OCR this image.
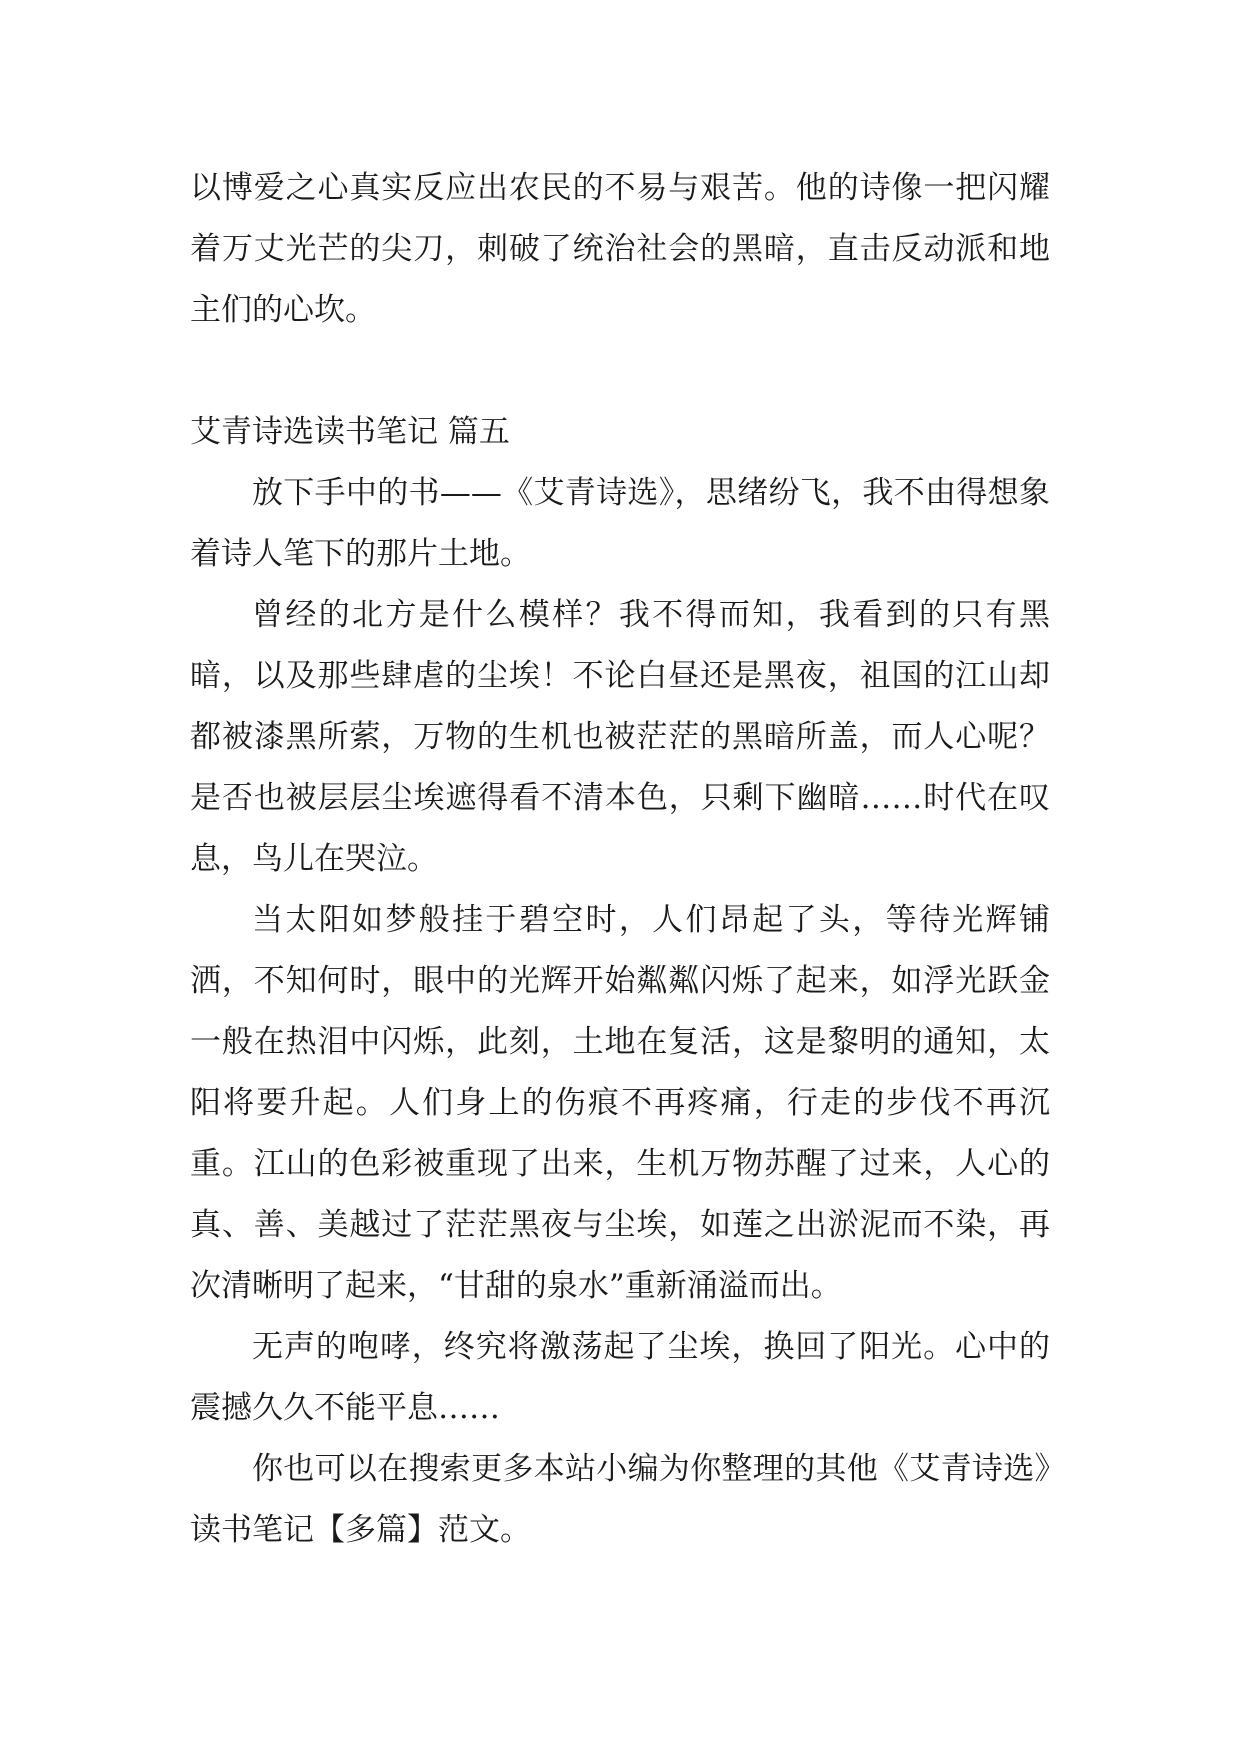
以博爱之心真实反应出农民的不易与艰苦。他的诗像一把闪耀着万丈光芒的尖刀，刺破了统治社会的黑暗，直击反动派和地主们的心坎。

艾青诗选读书笔记 篇五

放下手中的书——《艾青诗选》，思绪纷飞，我不由得想象着诗人笔下的那片土地。

曾经的北方是什么模样？我不得而知，我看到的只有黑暗，以及那些肆虐的尘埃！不论白昼还是黑夜，祖国的江山却都被漆黑所萦，万物的生机也被茫茫的黑暗所盖，而人心呢？是否也被层层尘埃遮得看不清本色，只剩下幽暗……时代在叹息，鸟儿在哭泣。

当太阳如梦般挂于碧空时，人们昂起了头，等待光辉铺洒，不知何时，眼中的光辉开始粼粼闪烁了起来，如浮光跃金一般在热泪中闪烁，此刻，土地在复活，这是黎明的通知，太阳将要升起。人们身上的伤痕不再疼痛，行走的步伐不再沉重。江山的色彩被重现了出来，生机万物苏醒了过来，人心的真、善、美越过了茫茫黑夜与尘埃，如莲之出淤泥而不染，再次清晰明了起来，“甘甜的泉水”重新涌溢而出。

无声的咆哮，终究将激荡起了尘埃，换回了阳光。心中的震撼久久不能平息……

你也可以在搜索更多本站小编为你整理的其他《艾青诗选》读书笔记【多篇】范文。
